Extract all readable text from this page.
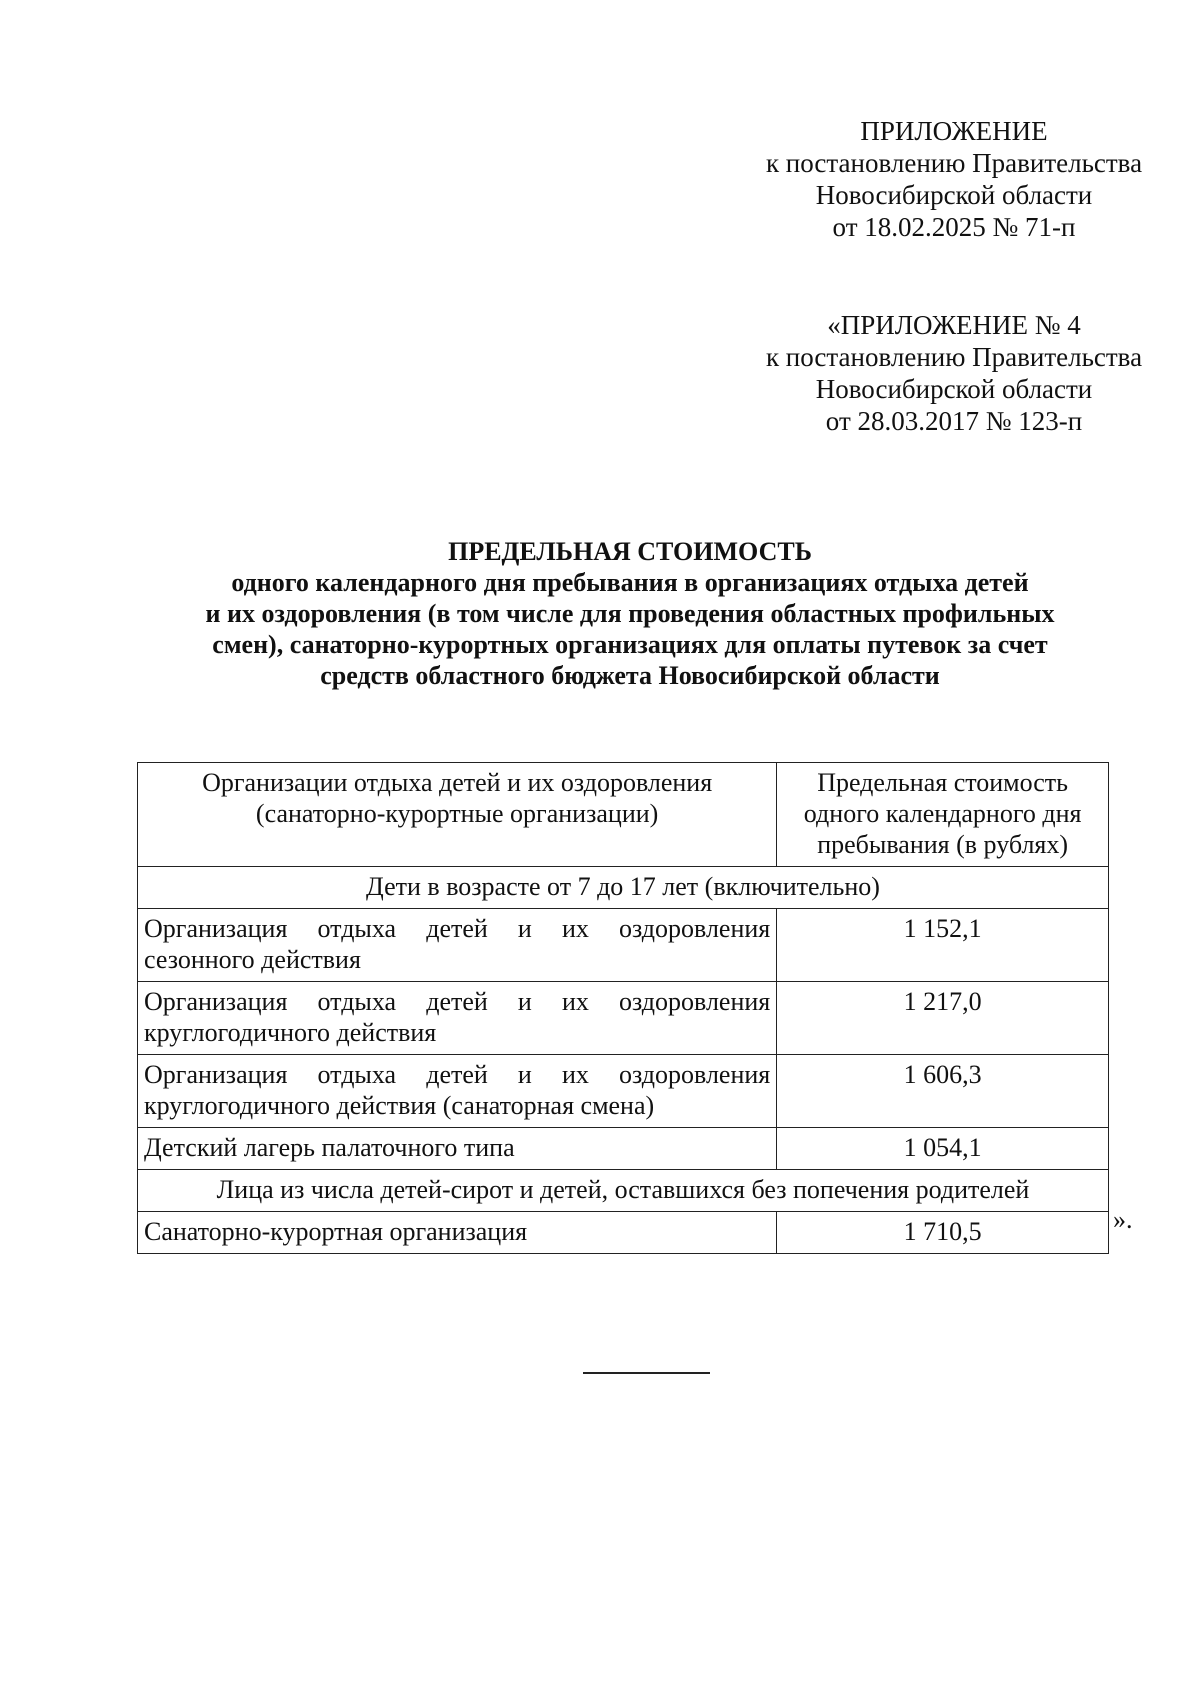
ПРИЛОЖЕНИЕ
к постановлению Правительства
Новосибирской области
от 18.02.2025 № 71-п
«ПРИЛОЖЕНИЕ № 4
к постановлению Правительства
Новосибирской области
от 28.03.2017 № 123-п
ПРЕДЕЛЬНАЯ СТОИМОСТЬ
одного календарного дня пребывания в организациях отдыха детей
и их оздоровления (в том числе для проведения областных профильных
смен), санаторно-курортных организациях для оплаты путевок за счет
средств областного бюджета Новосибирской области
Организации отдыха детей и их оздоровления
(санаторно-курортные организации)	Предельная стоимость
одного календарного дня
пребывания (в рублях)

Дети в возрасте от 7 до 17 лет (включительно)	

Организация отдыха детей и их оздоровления
сезонного действия	1 152,1

Организация отдыха детей и их оздоровления
круглогодичного действия	1 217,0

Организация отдыха детей и их оздоровления
круглогодичного действия (санаторная смена)	1 606,3
Детский лагерь палаточного типа	1 054,1
Лица из числа детей-сирот и детей, оставшихся без попечения родителей	
Санаторно-курортная организация	1 710,5	».
